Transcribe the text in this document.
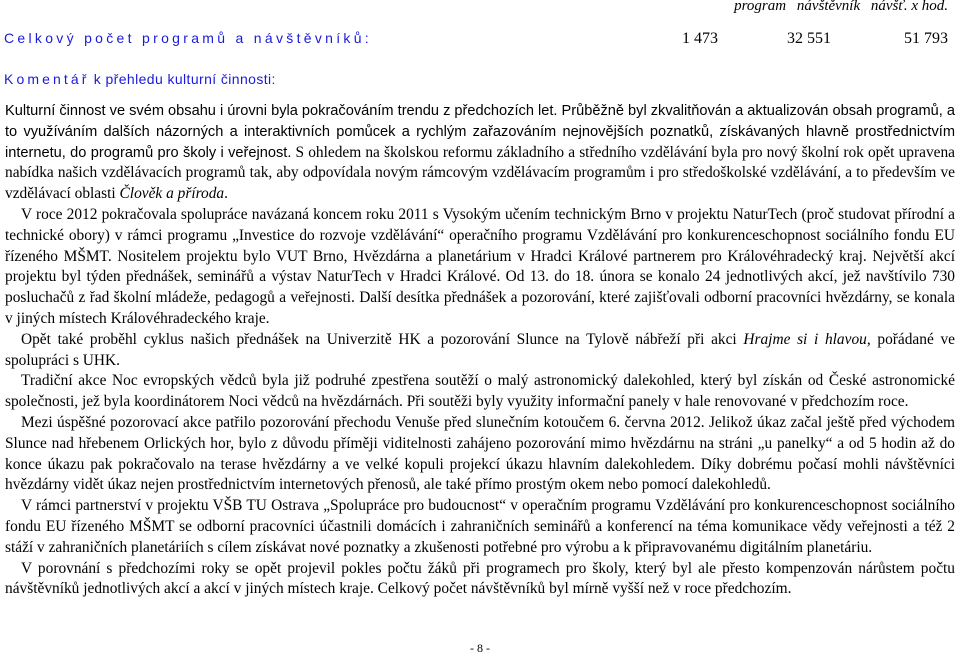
program návštěvník návšť. x hod.
Celkový počet programů a návštěvníků:	1 473	32 551	51 793
Komentář k přehledu kulturní činnosti:

Kulturní činnost ve svém obsahu i úrovni byla pokračováním trendu z předchozích let. Průběžně byl zkvalitňován a aktualizován obsah programů, a to využíváním dalších názorných a interaktivních pomůcek a rychlým zařazováním nejnovějších poznatků, získávaných hlavně prostřednictvím internetu, do programů pro školy i veřejnost. S ohledem na školskou reformu základního a středního vzdělávání byla pro nový školní rok opět upravena nabídka našich vzdělávacích programů tak, aby odpovídala novým rámcovým vzdělávacím programům i pro středoškolské vzdělávání, a to především ve vzdělávací oblasti Člověk a příroda.

V roce 2012 pokračovala spolupráce navázaná koncem roku 2011 s Vysokým učením technickým Brno v projektu NaturTech (proč studovat přírodní a technické obory) v rámci programu „Investice do rozvoje vzdělávání“ operačního programu Vzdělávání pro konkurenceschopnost sociálního fondu EU řízeného MŠMT. Nositelem projektu bylo VUT Brno, Hvězdárna a planetárium v Hradci Králové partnerem pro Královéhradecký kraj. Největší akcí projektu byl týden přednášek, seminářů a výstav NaturTech v Hradci Králové. Od 13. do 18. února se konalo 24 jednotlivých akcí, jež navštívilo 730 posluchačů z řad školní mládeže, pedagogů a veřejnosti. Další desítka přednášek a pozorování, které zajišťovali odborní pracovníci hvězdárny, se konala v jiných místech Královéhradeckého kraje.

Opět také proběhl cyklus našich přednášek na Univerzitě HK a pozorování Slunce na Tylově nábřeží při akci Hrajme si i hlavou, pořádané ve spolupráci s UHK.

Tradiční akce Noc evropských vědců byla již podruhé zpestřena soutěží o malý astronomický dalekohled, který byl získán od České astronomické společnosti, jež byla koordinátorem Noci vědců na hvězdárnách. Při soutěži byly využity informační panely v hale renovované v předchozím roce.

Mezi úspěšné pozorovací akce patřilo pozorování přechodu Venuše před slunečním kotoučem 6. června 2012. Jelikož úkaz začal ještě před východem Slunce nad hřebenem Orlických hor, bylo z důvodu příměji viditelnosti zahájeno pozorování mimo hvězdárnu na stráni „u panelky“ a od 5 hodin až do konce úkazu pak pokračovalo na terase hvězdárny a ve velké kopuli projekcí úkazu hlavním dalekohledem. Díky dobrému počasí mohli návštěvníci hvězdárny vidět úkaz nejen prostřednictvím internetových přenosů, ale také přímo prostým okem nebo pomocí dalekohledů.

V rámci partnerství v projektu VŠB TU Ostrava „Spolupráce pro budoucnost“ v operačním programu Vzdělávání pro konkurenceschopnost sociálního fondu EU řízeného MŠMT se odborní pracovníci účastnili domácích i zahraničních seminářů a konferencí na téma komunikace vědy veřejnosti a též 2 stáží v zahraničních planetáriích s cílem získávat nové poznatky a zkušenosti potřebné pro výrobu a k připravovanému digitálním planetáriu.

V porovnání s předchozími roky se opět projevil pokles počtu žáků při programech pro školy, který byl ale přesto kompenzován nárůstem počtu návštěvníků jednotlivých akcí a akcí v jiných místech kraje. Celkový počet návštěvníků byl mírně vyšší než v roce předchozím.

- 8 -
